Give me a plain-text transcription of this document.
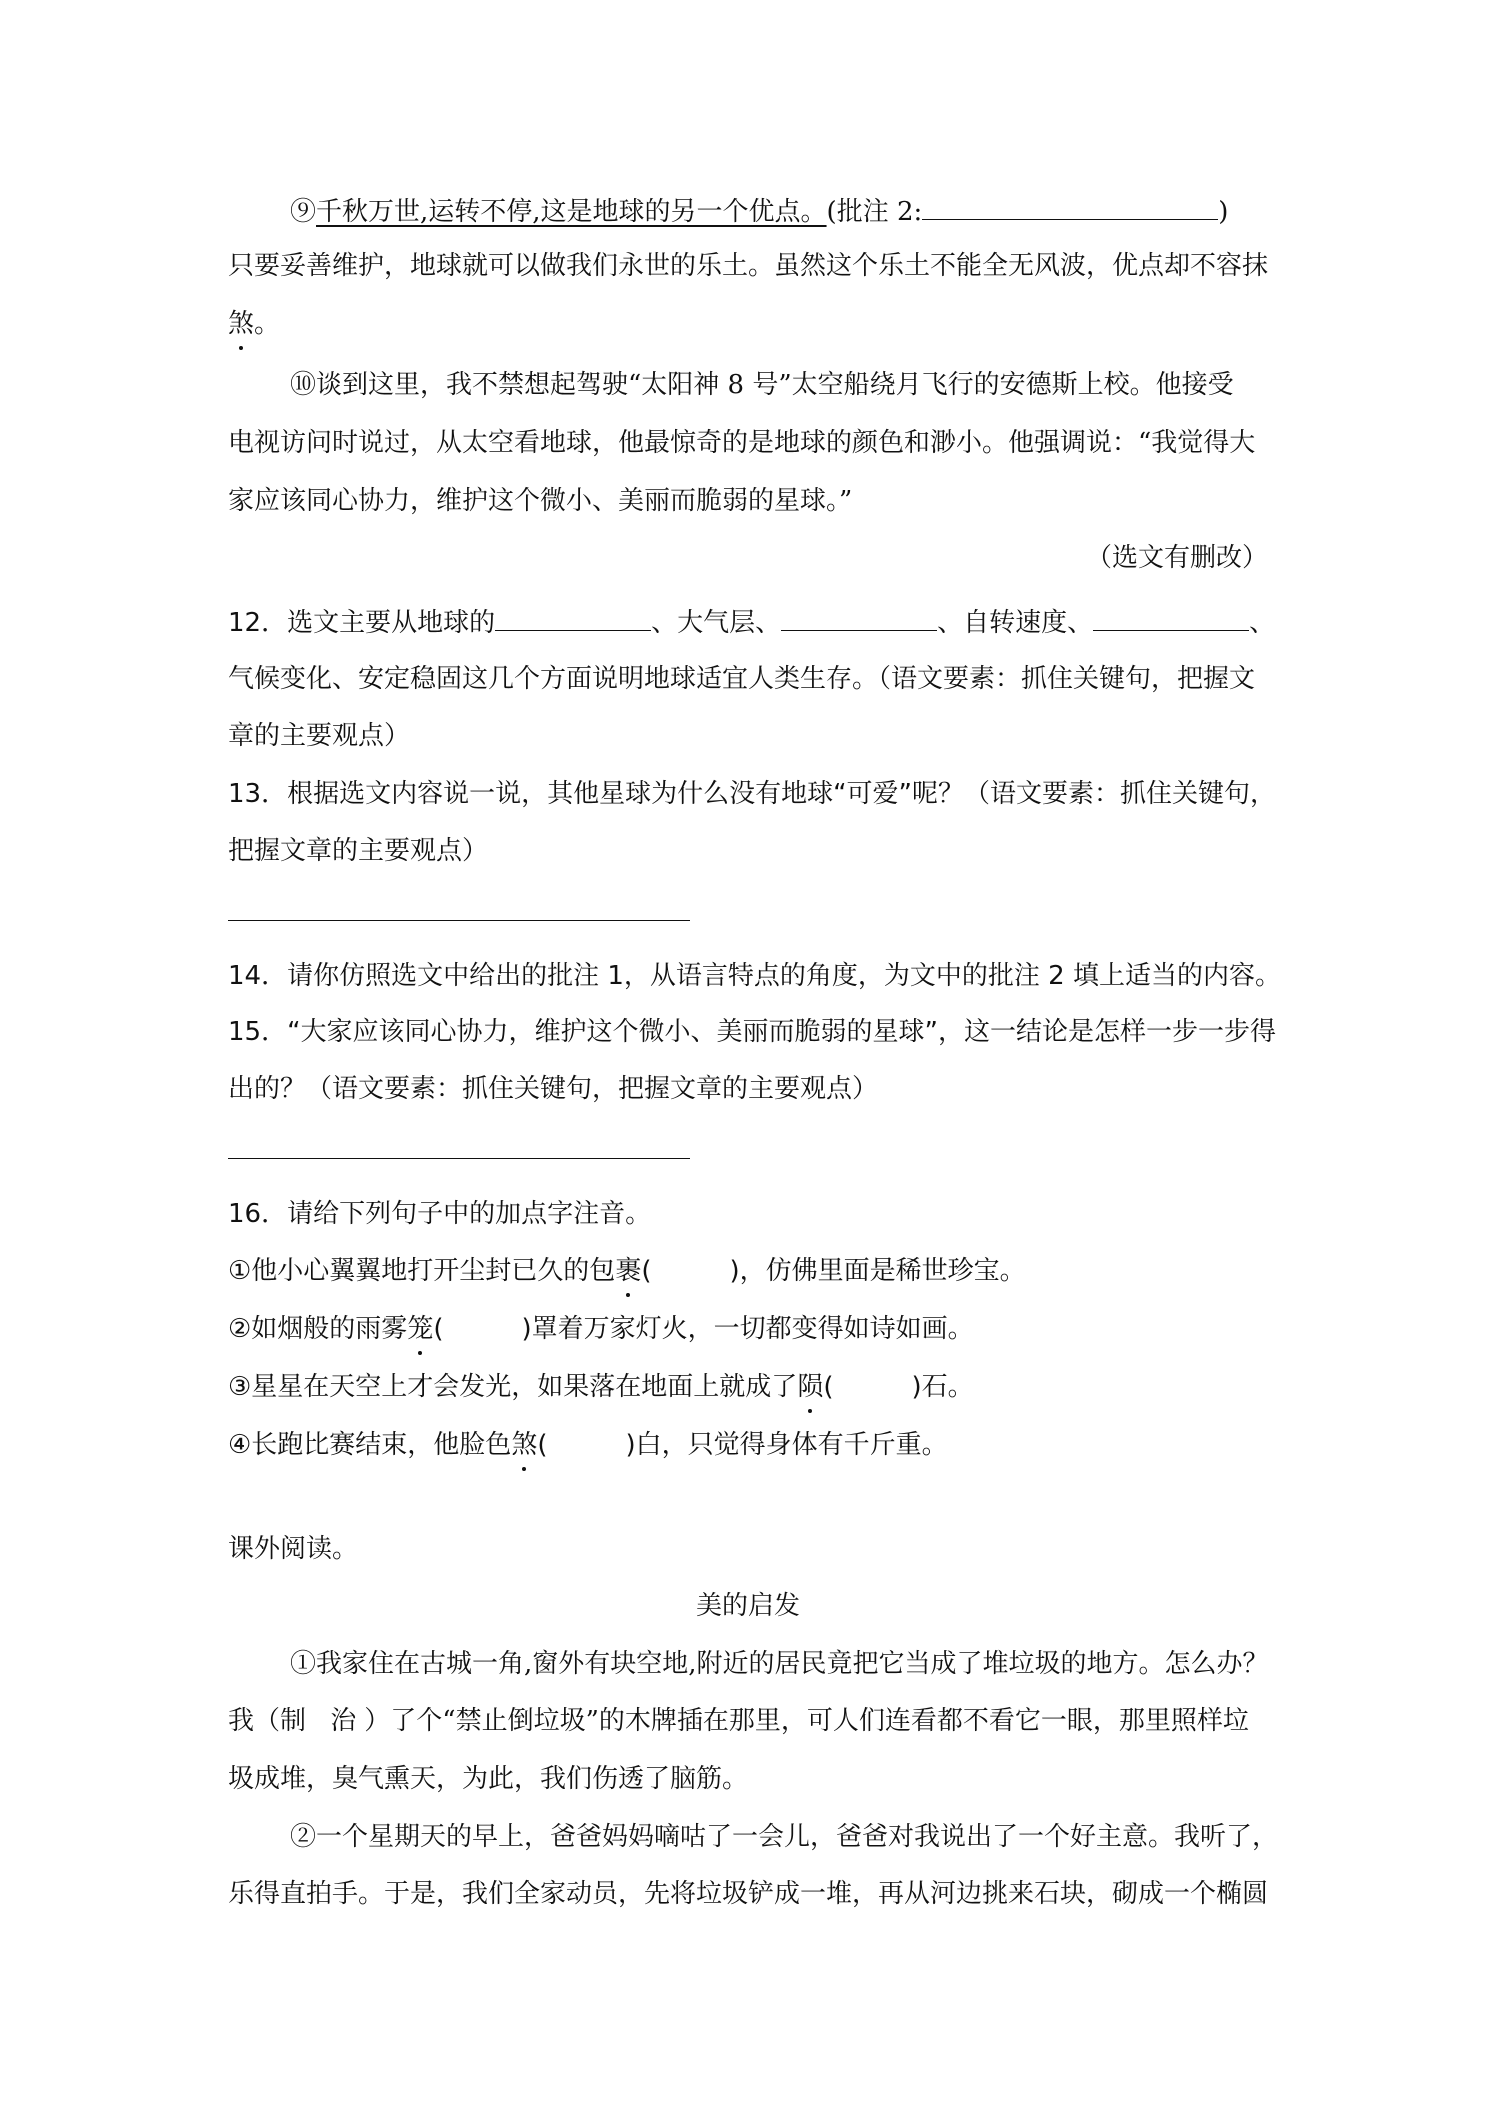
⑨千秋万世,运转不停,这是地球的另一个优点。(批注 2:	)
只要妥善维护，地球就可以做我们永世的乐土。虽然这个乐土不能全无风波，优点却不容抹
煞。
⑩谈到这里，我不禁想起驾驶“太阳神 8 号”太空船绕月飞行的安德斯上校。他接受
电视访问时说过，从太空看地球，他最惊奇的是地球的颜色和渺小。他强调说：“我觉得大
家应该同心协力，维护这个微小、美丽而脆弱的星球。”
（选文有删改）
12．选文主要从地球的	、大气层、	、自转速度、	、
气候变化、安定稳固这几个方面说明地球适宜人类生存。（语文要素：抓住关键句，把握文
章的主要观点）
13．根据选文内容说一说，其他星球为什么没有地球“可爱”呢？（语文要素：抓住关键句，
把握文章的主要观点）
14．请你仿照选文中给出的批注 1，从语言特点的角度，为文中的批注 2 填上适当的内容。
15．“大家应该同心协力，维护这个微小、美丽而脆弱的星球”，这一结论是怎样一步一步得
出的？（语文要素：抓住关键句，把握文章的主要观点）
16．请给下列句子中的加点字注音。
①他小心翼翼地打开尘封已久的包裹(	)，仿佛里面是稀世珍宝。
②如烟般的雨雾笼(	)罩着万家灯火，一切都变得如诗如画。
③星星在天空上才会发光，如果落在地面上就成了陨(	)石。
④长跑比赛结束，他脸色煞(	)白，只觉得身体有千斤重。
课外阅读。
美的启发
①我家住在古城一角,窗外有块空地,附近的居民竟把它当成了堆垃圾的地方。怎么办？
我（制 治）了个“禁止倒垃圾”的木牌插在那里，可人们连看都不看它一眼，那里照样垃
圾成堆，臭气熏天，为此，我们伤透了脑筋。
②一个星期天的早上，爸爸妈妈嘀咕了一会儿，爸爸对我说出了一个好主意。我听了，
乐得直拍手。于是，我们全家动员，先将垃圾铲成一堆，再从河边挑来石块，砌成一个椭圆
